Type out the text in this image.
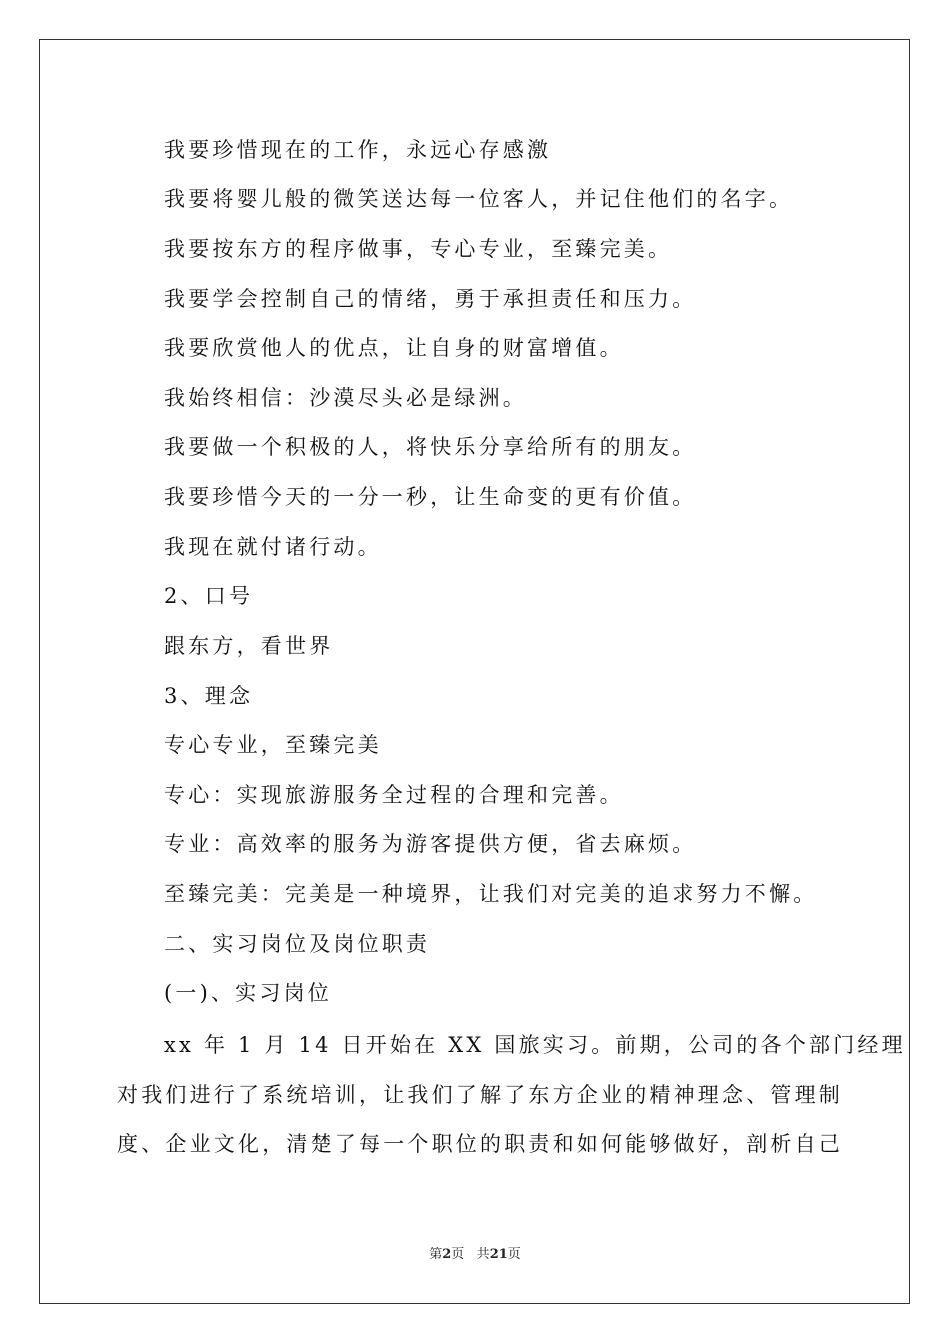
我要珍惜现在的工作，永远心存感激
我要将婴儿般的微笑送达每一位客人，并记住他们的名字。
我要按东方的程序做事，专心专业，至臻完美。
我要学会控制自己的情绪，勇于承担责任和压力。
我要欣赏他人的优点，让自身的财富增值。
我始终相信：沙漠尽头必是绿洲。
我要做一个积极的人，将快乐分享给所有的朋友。
我要珍惜今天的一分一秒，让生命变的更有价值。
我现在就付诸行动。
2、口号
跟东方，看世界
3、理念
专心专业，至臻完美
专心：实现旅游服务全过程的合理和完善。
专业：高效率的服务为游客提供方便，省去麻烦。
至臻完美：完美是一种境界，让我们对完美的追求努力不懈。
二、实习岗位及岗位职责
(一)、实习岗位
xx 年 1 月 14 日开始在 XX 国旅实习。前期，公司的各个部门经理
对我们进行了系统培训，让我们了解了东方企业的精神理念、管理制
度、企业文化，清楚了每一个职位的职责和如何能够做好，剖析自己
第2页 共21页
